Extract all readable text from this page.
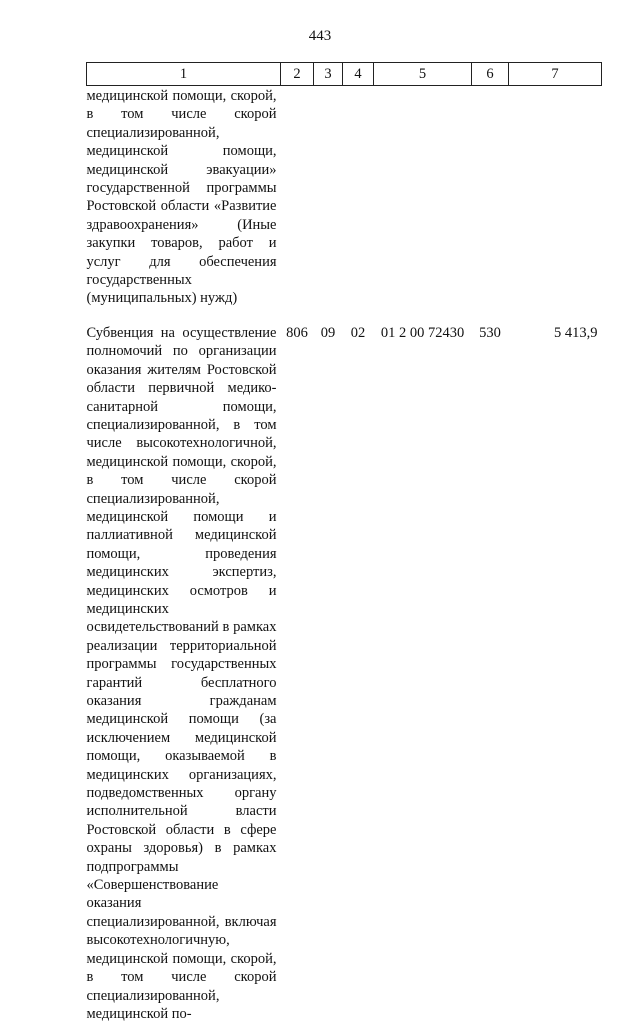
443
1	2	3	4	5	6	7

медицинской помощи, скорой, в том числе скорой специализированной, медицинской помощи, медицинской эвакуации» государственной программы Ростовской области «Развитие здравоохранения» (Иные закупки товаров, работ и услуг для обеспечения государственных (муниципальных) нужд)						

Субвенция на осуществление полномочий по организации оказания жителям Ростовской области первичной медико-санитарной помощи, специализированной, в том числе высокотехнологичной, медицинской помощи, скорой, в том числе скорой специализированной, медицинской помощи и паллиативной медицинской помощи, проведения медицинских экспертиз, медицинских осмотров и медицинских освидетельствований в рамках реализации территориальной программы государственных гарантий бесплатного оказания гражданам медицинской помощи (за исключением медицинской помощи, оказываемой в медицинских организациях, подведомственных органу исполнительной власти Ростовской области в сфере охраны здоровья) в рамках подпрограммы «Совершенствование оказания специализированной, включая высокотехнологичную, медицинской помощи, скорой, в том числе скорой специализированной, медицинской по-	806	09	02	01 2 00 72430	530	5 413,9
